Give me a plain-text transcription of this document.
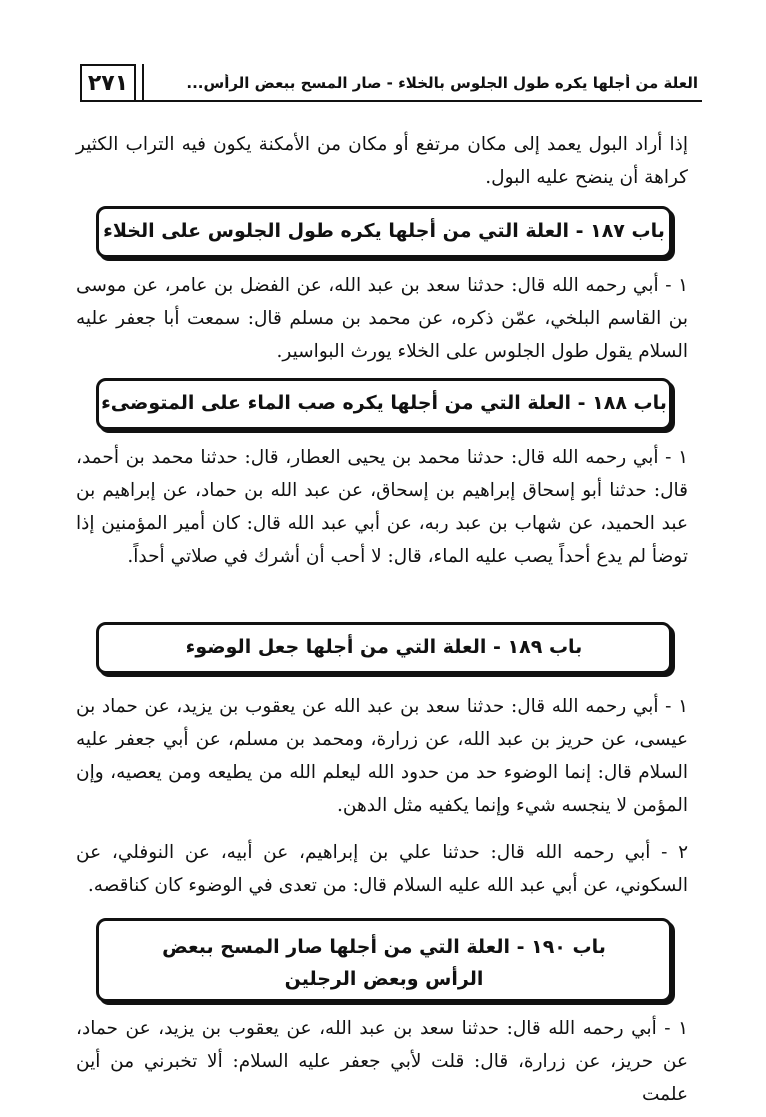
العلة من أجلها يكره طول الجلوس بالخلاء - صار المسح ببعض الرأس...
٢٧١
إذا أراد البول يعمد إلى مكان مرتفع أو مكان من الأمكنة يكون فيه التراب الكثير كراهة أن ينضح عليه البول.
باب ١٨٧ - العلة التي من أجلها يكره طول الجلوس على الخلاء
١ - أبي رحمه الله قال: حدثنا سعد بن عبد الله، عن الفضل بن عامر، عن موسى بن القاسم البلخي، عمّن ذكره، عن محمد بن مسلم قال: سمعت أبا جعفر عليه السلام يقول طول الجلوس على الخلاء يورث البواسير.
باب ١٨٨ - العلة التي من أجلها يكره صب الماء على المتوضىء
١ - أبي رحمه الله قال: حدثنا محمد بن يحيى العطار، قال: حدثنا محمد بن أحمد، قال: حدثنا أبو إسحاق إبراهيم بن إسحاق، عن عبد الله بن حماد، عن إبراهيم بن عبد الحميد، عن شهاب بن عبد ربه، عن أبي عبد الله قال: كان أمير المؤمنين إذا توضأ لم يدع أحداً يصب عليه الماء، قال: لا أحب أن أشرك في صلاتي أحداً.
باب ١٨٩ - العلة التي من أجلها جعل الوضوء
١ - أبي رحمه الله قال: حدثنا سعد بن عبد الله عن يعقوب بن يزيد، عن حماد بن عيسى، عن حريز بن عبد الله، عن زرارة، ومحمد بن مسلم، عن أبي جعفر عليه السلام قال: إنما الوضوء حد من حدود الله ليعلم الله من يطيعه ومن يعصيه، وإن المؤمن لا ينجسه شيء وإنما يكفيه مثل الدهن.
٢ - أبي رحمه الله قال: حدثنا علي بن إبراهيم، عن أبيه، عن النوفلي، عن السكوني، عن أبي عبد الله عليه السلام قال: من تعدى في الوضوء كان كناقصه.
باب ١٩٠ - العلة التي من أجلها صار المسح ببعض
الرأس وبعض الرجلين
١ - أبي رحمه الله قال: حدثنا سعد بن عبد الله، عن يعقوب بن يزيد، عن حماد، عن حريز، عن زرارة، قال: قلت لأبي جعفر عليه السلام: ألا تخبرني من أين علمت
